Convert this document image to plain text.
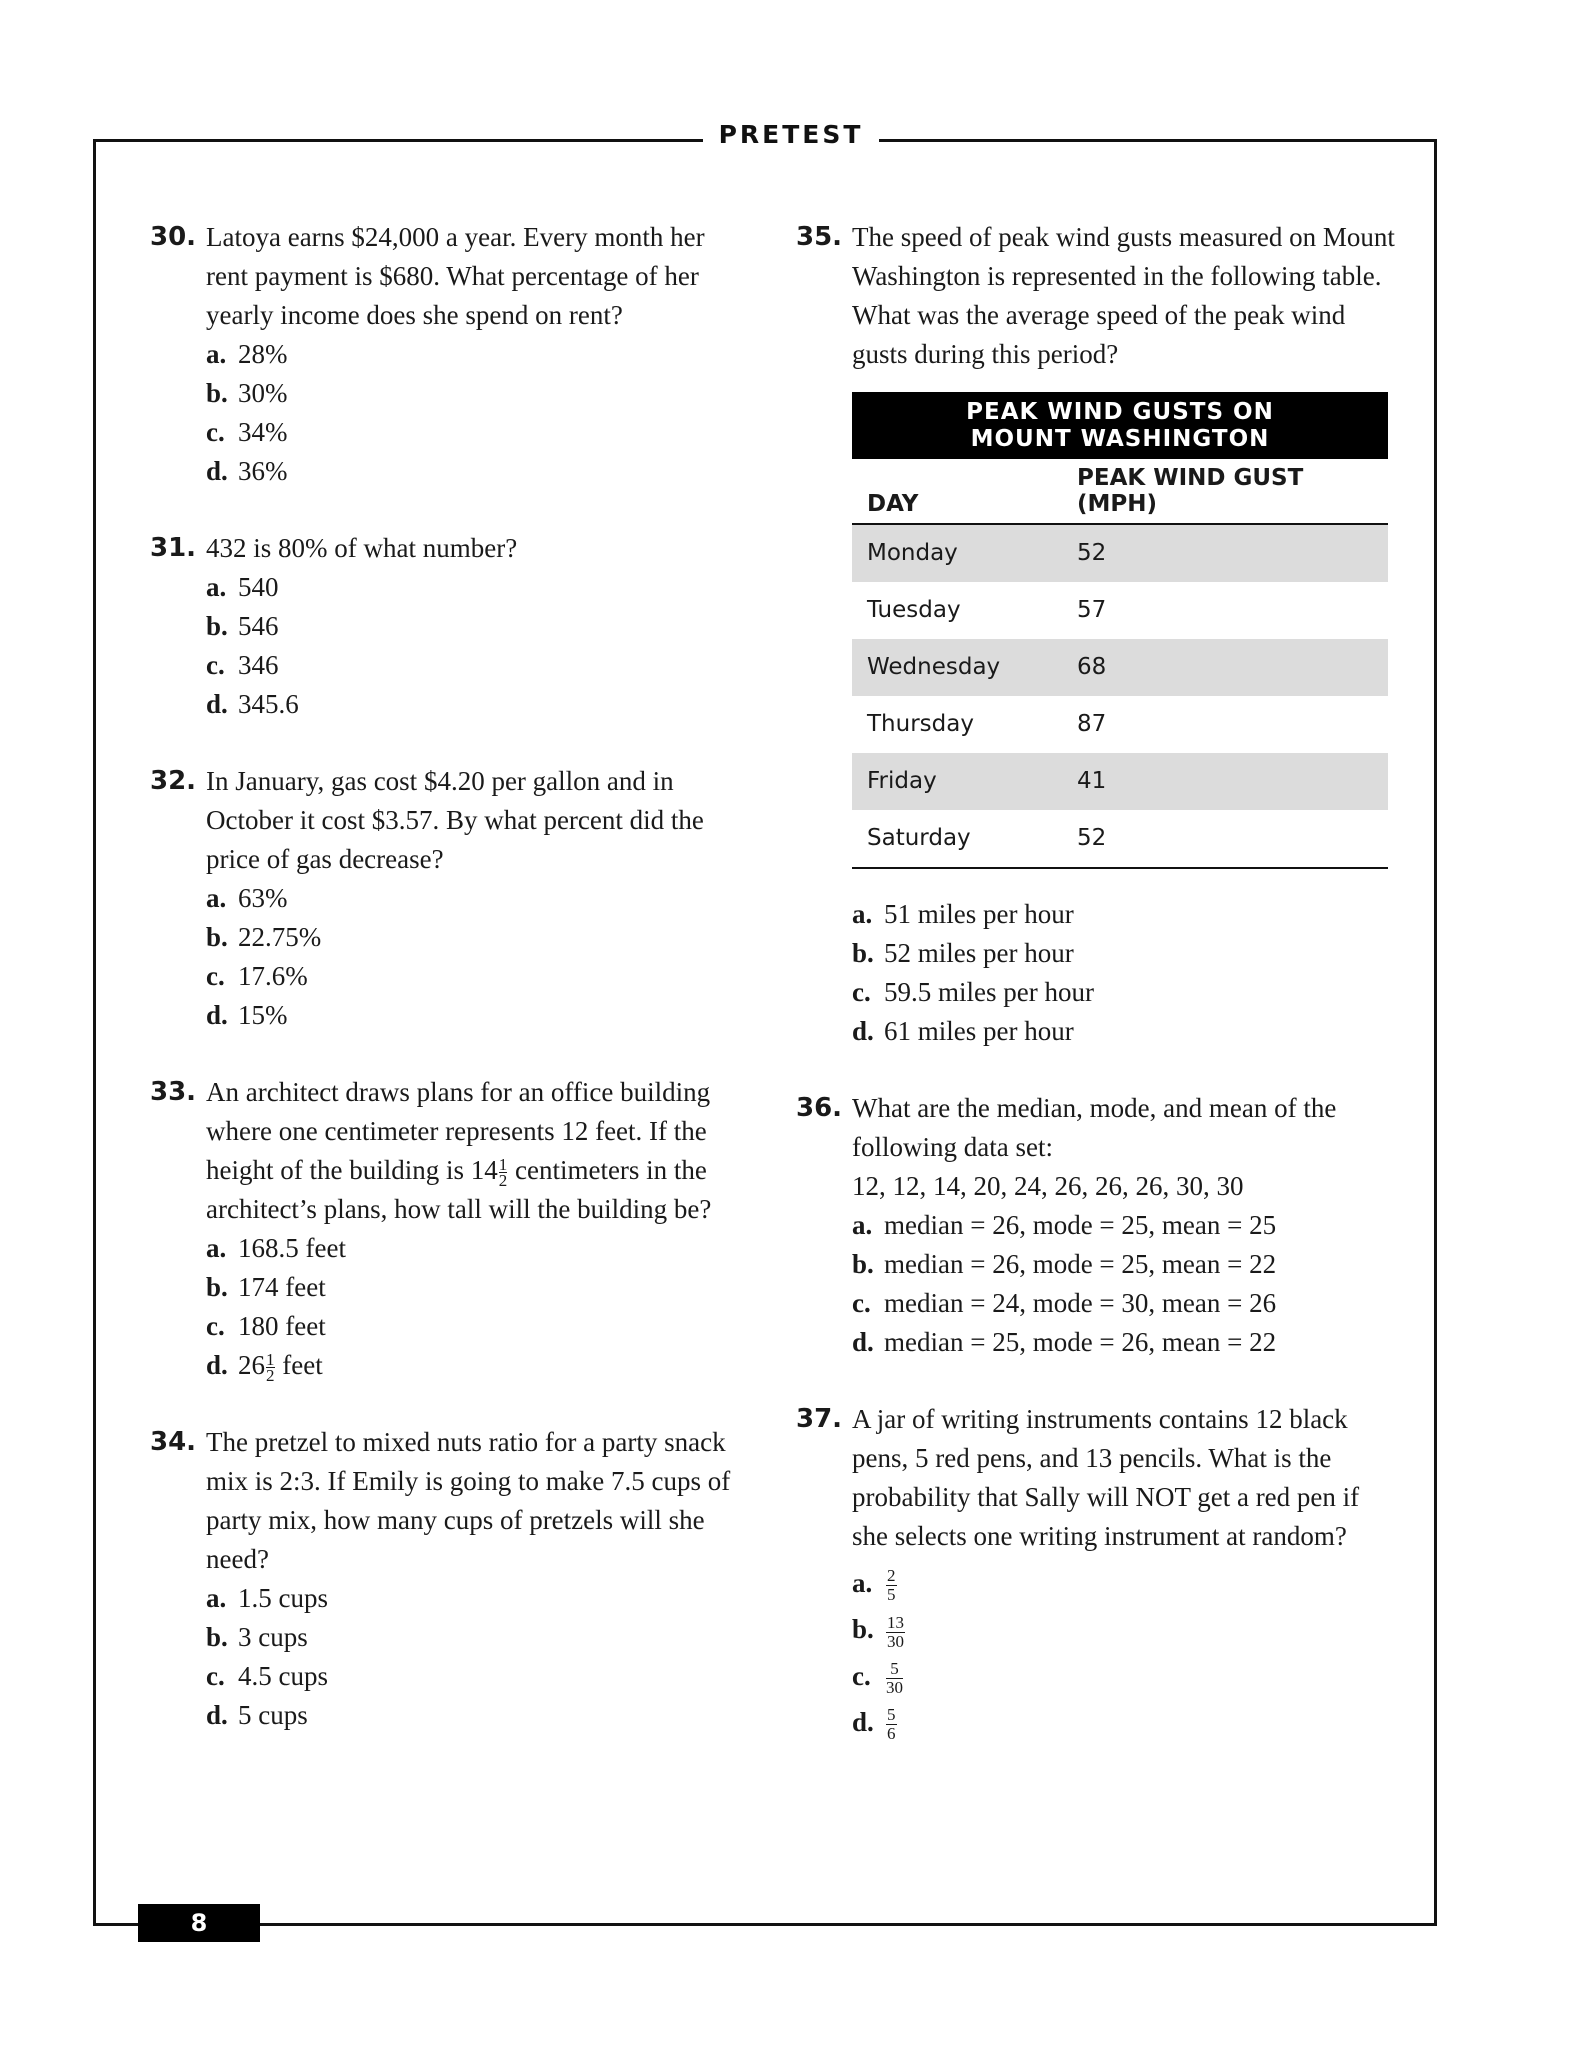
PRETEST
8
30. Latoya earns $24,000 a year. Every month her rent payment is $680. What percentage of her yearly income does she spend on rent?
a. 28%
b. 30%
c. 34%
d. 36%
31. 432 is 80% of what number?
a. 540
b. 546
c. 346
d. 345.6
32. In January, gas cost $4.20 per gallon and in October it cost $3.57. By what percent did the price of gas decrease?
a. 63%
b. 22.75%
c. 17.6%
d. 15%
33. An architect draws plans for an office building where one centimeter represents 12 feet. If the height of the building is $14 \frac{1}{2}$ centimeters in the architect’s plans, how tall will the building be?
a. 168.5 feet
b. 174 feet
c. 180 feet
d. $26 \frac{1}{2}$ feet
34. The pretzel to mixed nuts ratio for a party snack mix is 2:3. If Emily is going to make 7.5 cups of party mix, how many cups of pretzels will she need?
a. 1.5 cups
b. 3 cups
c. 4.5 cups
d. 5 cups
35. The speed of peak wind gusts measured on Mount Washington is represented in the following table. What was the average speed of the peak wind gusts during this period?
PEAK WIND GUSTS ON
MOUNT WASHINGTON	
DAY	PEAK WIND GUST
(MPH)
Monday	52
Tuesday	57
Wednesday	68
Thursday	87
Friday	41
Saturday	52
a. 51 miles per hour
b. 52 miles per hour
c. 59.5 miles per hour
d. 61 miles per hour
36. What are the median, mode, and mean of the following data set:
12, 12, 14, 20, 24, 26, 26, 26, 30, 30
a. median = 26, mode = 25, mean = 25
b. median = 26, mode = 25, mean = 22
c. median = 24, mode = 30, mean = 26
d. median = 25, mode = 26, mean = 22
37. A jar of writing instruments contains 12 black pens, 5 red pens, and 13 pencils. What is the probability that Sally will NOT get a red pen if she selects one writing instrument at random?
a. $\frac{2}{5}$
b. $\frac{13}{30}$
c. $\frac{5}{30}$
d. $\frac{5}{6}$
